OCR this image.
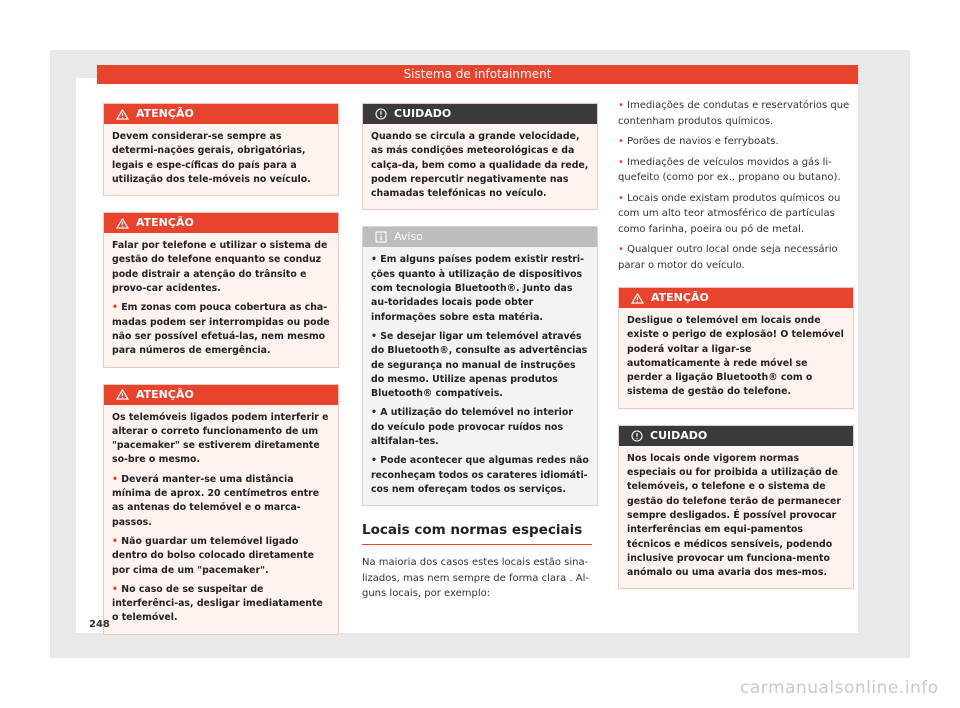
Sistema de infotainment
ATENÇÃO

Devem considerar-se sempre as determi-nações gerais, obrigatórias, legais e espe-cíficas do país para a utilização dos tele-móveis no veículo.

ATENÇÃO

Falar por telefone e utilizar o sistema de gestão do telefone enquanto se conduz pode distrair a atenção do trânsito e provo-car acidentes.

• Em zonas com pouca cobertura as cha-madas podem ser interrompidas ou pode não ser possível efetuá-las, nem mesmo para números de emergência.

ATENÇÃO

Os telemóveis ligados podem interferir e alterar o correto funcionamento de um "pacemaker" se estiverem diretamente so-bre o mesmo.

• Deverá manter-se uma distância mínima de aprox. 20 centímetros entre as antenas do telemóvel e o marca-passos.

• Não guardar um telemóvel ligado dentro do bolso colocado diretamente por cima de um "pacemaker".

• No caso de se suspeitar de interferênci-as, desligar imediatamente o telemóvel.

CUIDADO

Quando se circula a grande velocidade, as más condições meteorológicas e da calça-da, bem como a qualidade da rede, podem repercutir negativamente nas chamadas telefónicas no veículo.

Aviso

• Em alguns países podem existir restri-ções quanto à utilização de dispositivos com tecnologia Bluetooth®. Junto das au-toridades locais pode obter informações sobre esta matéria.

• Se desejar ligar um telemóvel através do Bluetooth®, consulte as advertências de segurança no manual de instruções do mesmo. Utilize apenas produtos Bluetooth® compatíveis.

• A utilização do telemóvel no interior do veículo pode provocar ruídos nos altifalan-tes.

• Pode acontecer que algumas redes não reconheçam todos os carateres idiomáti-cos nem ofereçam todos os serviços.

Locais com normas especiais

Na maioria dos casos estes locais estão sina-lizados, mas nem sempre de forma clara . Al-guns locais, por exemplo:

• Imediações de condutas e reservatórios que contenham produtos químicos.

• Porões de navios e ferryboats.

• Imediações de veículos movidos a gás li-quefeito (como por ex., propano ou butano).

• Locais onde existam produtos químicos ou com um alto teor atmosférico de partículas como farinha, poeira ou pó de metal.

• Qualquer outro local onde seja necessário parar o motor do veículo.

ATENÇÃO

Desligue o telemóvel em locais onde existe o perigo de explosão! O telemóvel poderá voltar a ligar-se automaticamente à rede móvel se perder a ligação Bluetooth® com o sistema de gestão do telefone.

CUIDADO

Nos locais onde vigorem normas especiais ou for proibida a utilização de telemóveis, o telefone e o sistema de gestão do telefone terão de permanecer sempre desligados. É possível provocar interferências em equi-pamentos técnicos e médicos sensíveis, podendo inclusive provocar um funciona-mento anómalo ou uma avaria dos mes-mos.

248
carmanualsonline.info
